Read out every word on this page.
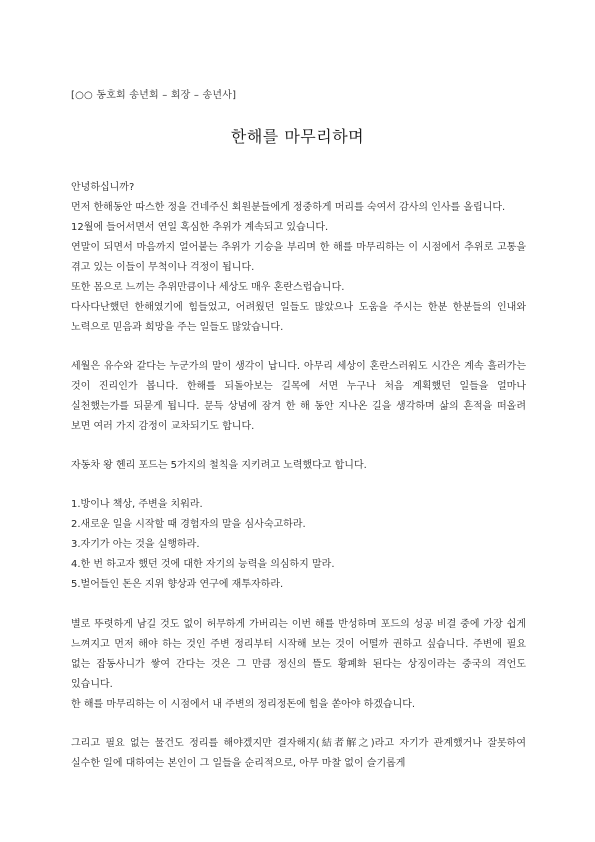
[○○ 동호회 송년회 – 회장 – 송년사]
한해를 마무리하며

안녕하십니까?

먼저 한해동안 따스한 정을 건네주신 회원분들에게 정중하게 머리를 숙여서 감사의 인사를 올립니다.

12월에 들어서면서 연일 혹심한 추위가 계속되고 있습니다.

연말이 되면서 마음까지 얼어붙는 추위가 기승을 부리며 한 해를 마무리하는 이 시점에서 추위로 고통을 겪고 있는 이들이 무척이나 걱정이 됩니다.

또한 몸으로 느끼는 추위만큼이나 세상도 매우 혼란스럽습니다.

다사다난했던 한해였기에 힘들었고, 어려웠던 일들도 많았으나 도움을 주시는 한분 한분들의 인내와 노력으로 믿음과 희망을 주는 일들도 많았습니다.

세월은 유수와 같다는 누군가의 말이 생각이 납니다. 아무리 세상이 혼란스러워도 시간은 계속 흘러가는 것이 진리인가 봅니다. 한해를 되돌아보는 길목에 서면 누구나 처음 계획했던 일들을 얼마나 실천했는가를 되묻게 됩니다. 문득 상념에 잠겨 한 해 동안 지나온 길을 생각하며 삶의 흔적을 떠올려 보면 여러 가지 감정이 교차되기도 합니다.

자동차 왕 헨리 포드는 5가지의 철칙을 지키려고 노력했다고 합니다.

1.방이나 책상, 주변을 치워라.

2.새로운 일을 시작할 때 경험자의 말을 심사숙고하라.

3.자기가 아는 것을 실행하라.

4.한 번 하고자 했던 것에 대한 자기의 능력을 의심하지 말라.

5.벌어들인 돈은 지위 향상과 연구에 재투자하라.

별로 뚜렷하게 남길 것도 없이 허무하게 가버리는 이번 해를 반성하며 포드의 성공 비결 중에 가장 쉽게 느껴지고 먼저 해야 하는 것인 주변 정리부터 시작해 보는 것이 어떨까 권하고 싶습니다. 주변에 필요 없는 잡동사니가 쌓여 간다는 것은 그 만큼 정신의 뜰도 황폐화 된다는 상징이라는 중국의 격언도 있습니다.

한 해를 마무리하는 이 시점에서 내 주변의 정리정돈에 힘을 쏟아야 하겠습니다.

그리고 필요 없는 물건도 정리를 해야겠지만 결자해지(結者解之)라고 자기가 관계했거나 잘못하여 실수한 일에 대하여는 본인이 그 일들을 순리적으로, 아무 마찰 없이 슬기롭게
